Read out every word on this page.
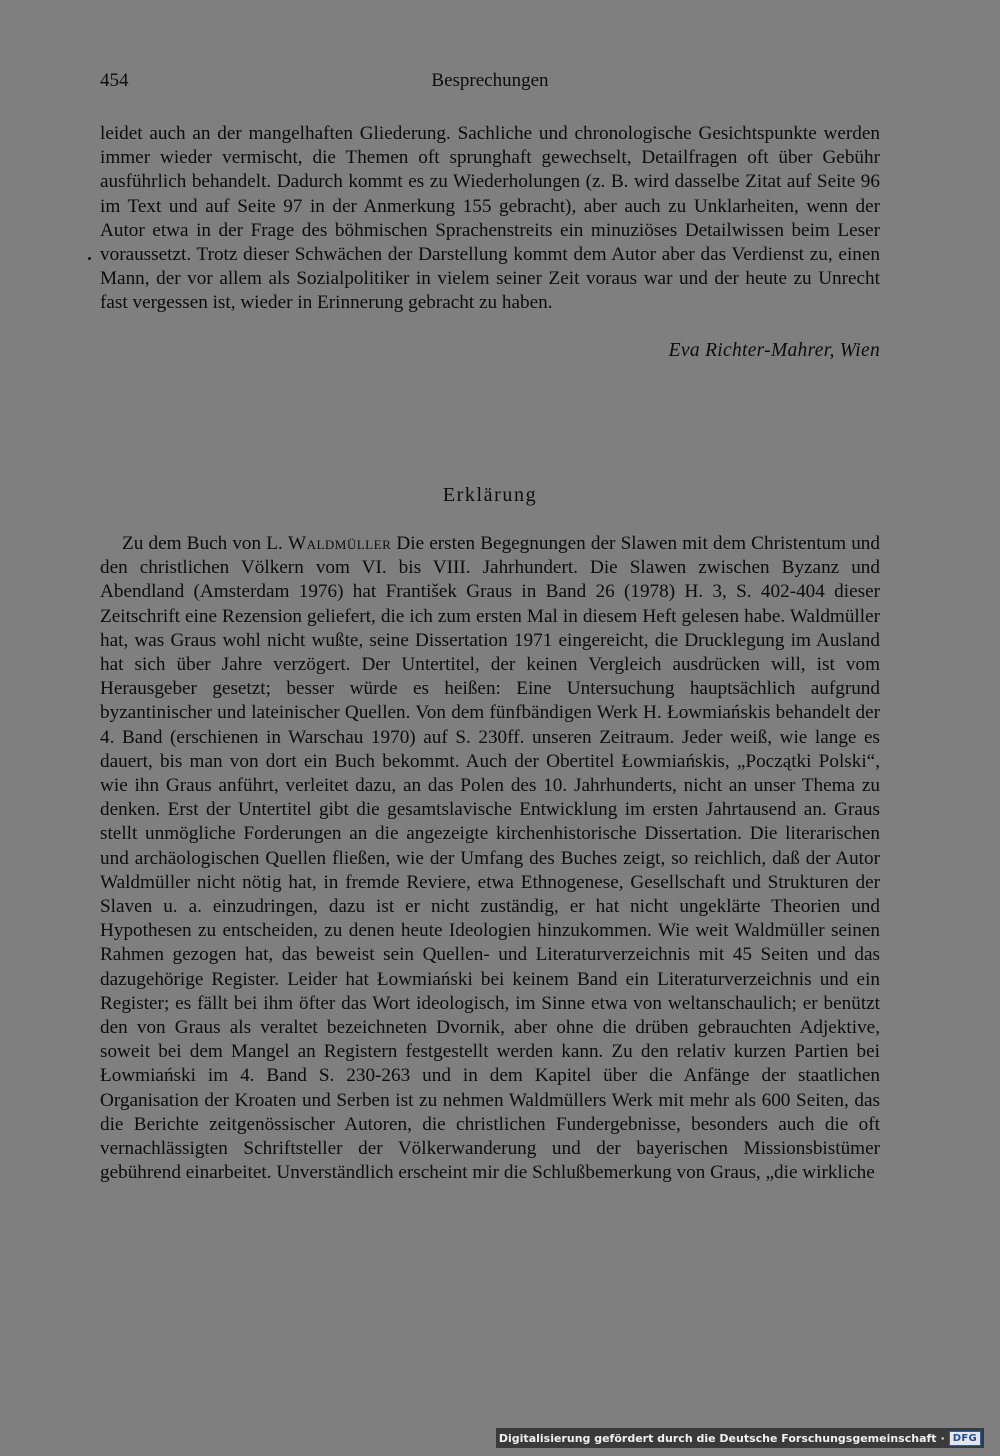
454	Besprechungen

leidet auch an der mangelhaften Gliederung. Sachliche und chronologische Gesichtspunkte werden immer wieder vermischt, die Themen oft sprunghaft gewechselt, Detailfragen oft über Gebühr ausführlich behandelt. Dadurch kommt es zu Wiederholungen (z. B. wird dasselbe Zitat auf Seite 96 im Text und auf Seite 97 in der Anmerkung 155 gebracht), aber auch zu Unklarheiten, wenn der Autor etwa in der Frage des böhmischen Sprachenstreits ein minuziöses Detailwissen beim Leser voraussetzt. Trotz dieser Schwächen der Darstellung kommt dem Autor aber das Verdienst zu, einen Mann, der vor allem als Sozialpolitiker in vielem seiner Zeit voraus war und der heute zu Unrecht fast vergessen ist, wieder in Erinnerung gebracht zu haben.

Eva Richter-Mahrer, Wien
Erklärung

Zu dem Buch von L. Waldmüller Die ersten Begegnungen der Slawen mit dem Christentum und den christlichen Völkern vom VI. bis VIII. Jahrhundert. Die Slawen zwischen Byzanz und Abendland (Amsterdam 1976) hat František Graus in Band 26 (1978) H. 3, S. 402-404 dieser Zeitschrift eine Rezension geliefert, die ich zum ersten Mal in diesem Heft gelesen habe. Waldmüller hat, was Graus wohl nicht wußte, seine Dissertation 1971 eingereicht, die Drucklegung im Ausland hat sich über Jahre verzögert. Der Untertitel, der keinen Vergleich ausdrücken will, ist vom Herausgeber gesetzt; besser würde es heißen: Eine Untersuchung hauptsächlich aufgrund byzantinischer und lateinischer Quellen. Von dem fünfbändigen Werk H. Łowmiańskis behandelt der 4. Band (erschienen in Warschau 1970) auf S. 230ff. unseren Zeitraum. Jeder weiß, wie lange es dauert, bis man von dort ein Buch bekommt. Auch der Obertitel Łowmiańskis, „Początki Polski“, wie ihn Graus anführt, verleitet dazu, an das Polen des 10. Jahrhunderts, nicht an unser Thema zu denken. Erst der Untertitel gibt die gesamtslavische Entwicklung im ersten Jahrtausend an. Graus stellt unmögliche Forderungen an die angezeigte kirchenhistorische Dissertation. Die literarischen und archäologischen Quellen fließen, wie der Umfang des Buches zeigt, so reichlich, daß der Autor Waldmüller nicht nötig hat, in fremde Reviere, etwa Ethnogenese, Gesellschaft und Strukturen der Slaven u. a. einzudringen, dazu ist er nicht zuständig, er hat nicht ungeklärte Theorien und Hypothesen zu entscheiden, zu denen heute Ideologien hinzukommen. Wie weit Waldmüller seinen Rahmen gezogen hat, das beweist sein Quellen- und Literaturverzeichnis mit 45 Seiten und das dazugehörige Register. Leider hat Łowmiański bei keinem Band ein Literaturverzeichnis und ein Register; es fällt bei ihm öfter das Wort ideologisch, im Sinne etwa von weltanschaulich; er benützt den von Graus als veraltet bezeichneten Dvornik, aber ohne die drüben gebrauchten Adjektive, soweit bei dem Mangel an Registern festgestellt werden kann. Zu den relativ kurzen Partien bei Łowmiański im 4. Band S. 230-263 und in dem Kapitel über die Anfänge der staatlichen Organisation der Kroaten und Serben ist zu nehmen Waldmüllers Werk mit mehr als 600 Seiten, das die Berichte zeitgenössischer Autoren, die christlichen Fundergebnisse, besonders auch die oft vernachlässigten Schriftsteller der Völkerwanderung und der bayerischen Missionsbistümer gebührend einarbeitet. Unverständlich erscheint mir die Schlußbemerkung von Graus, „die wirkliche

Digitalisierung gefördert durch die Deutsche Forschungsgemeinschaft · DFG
